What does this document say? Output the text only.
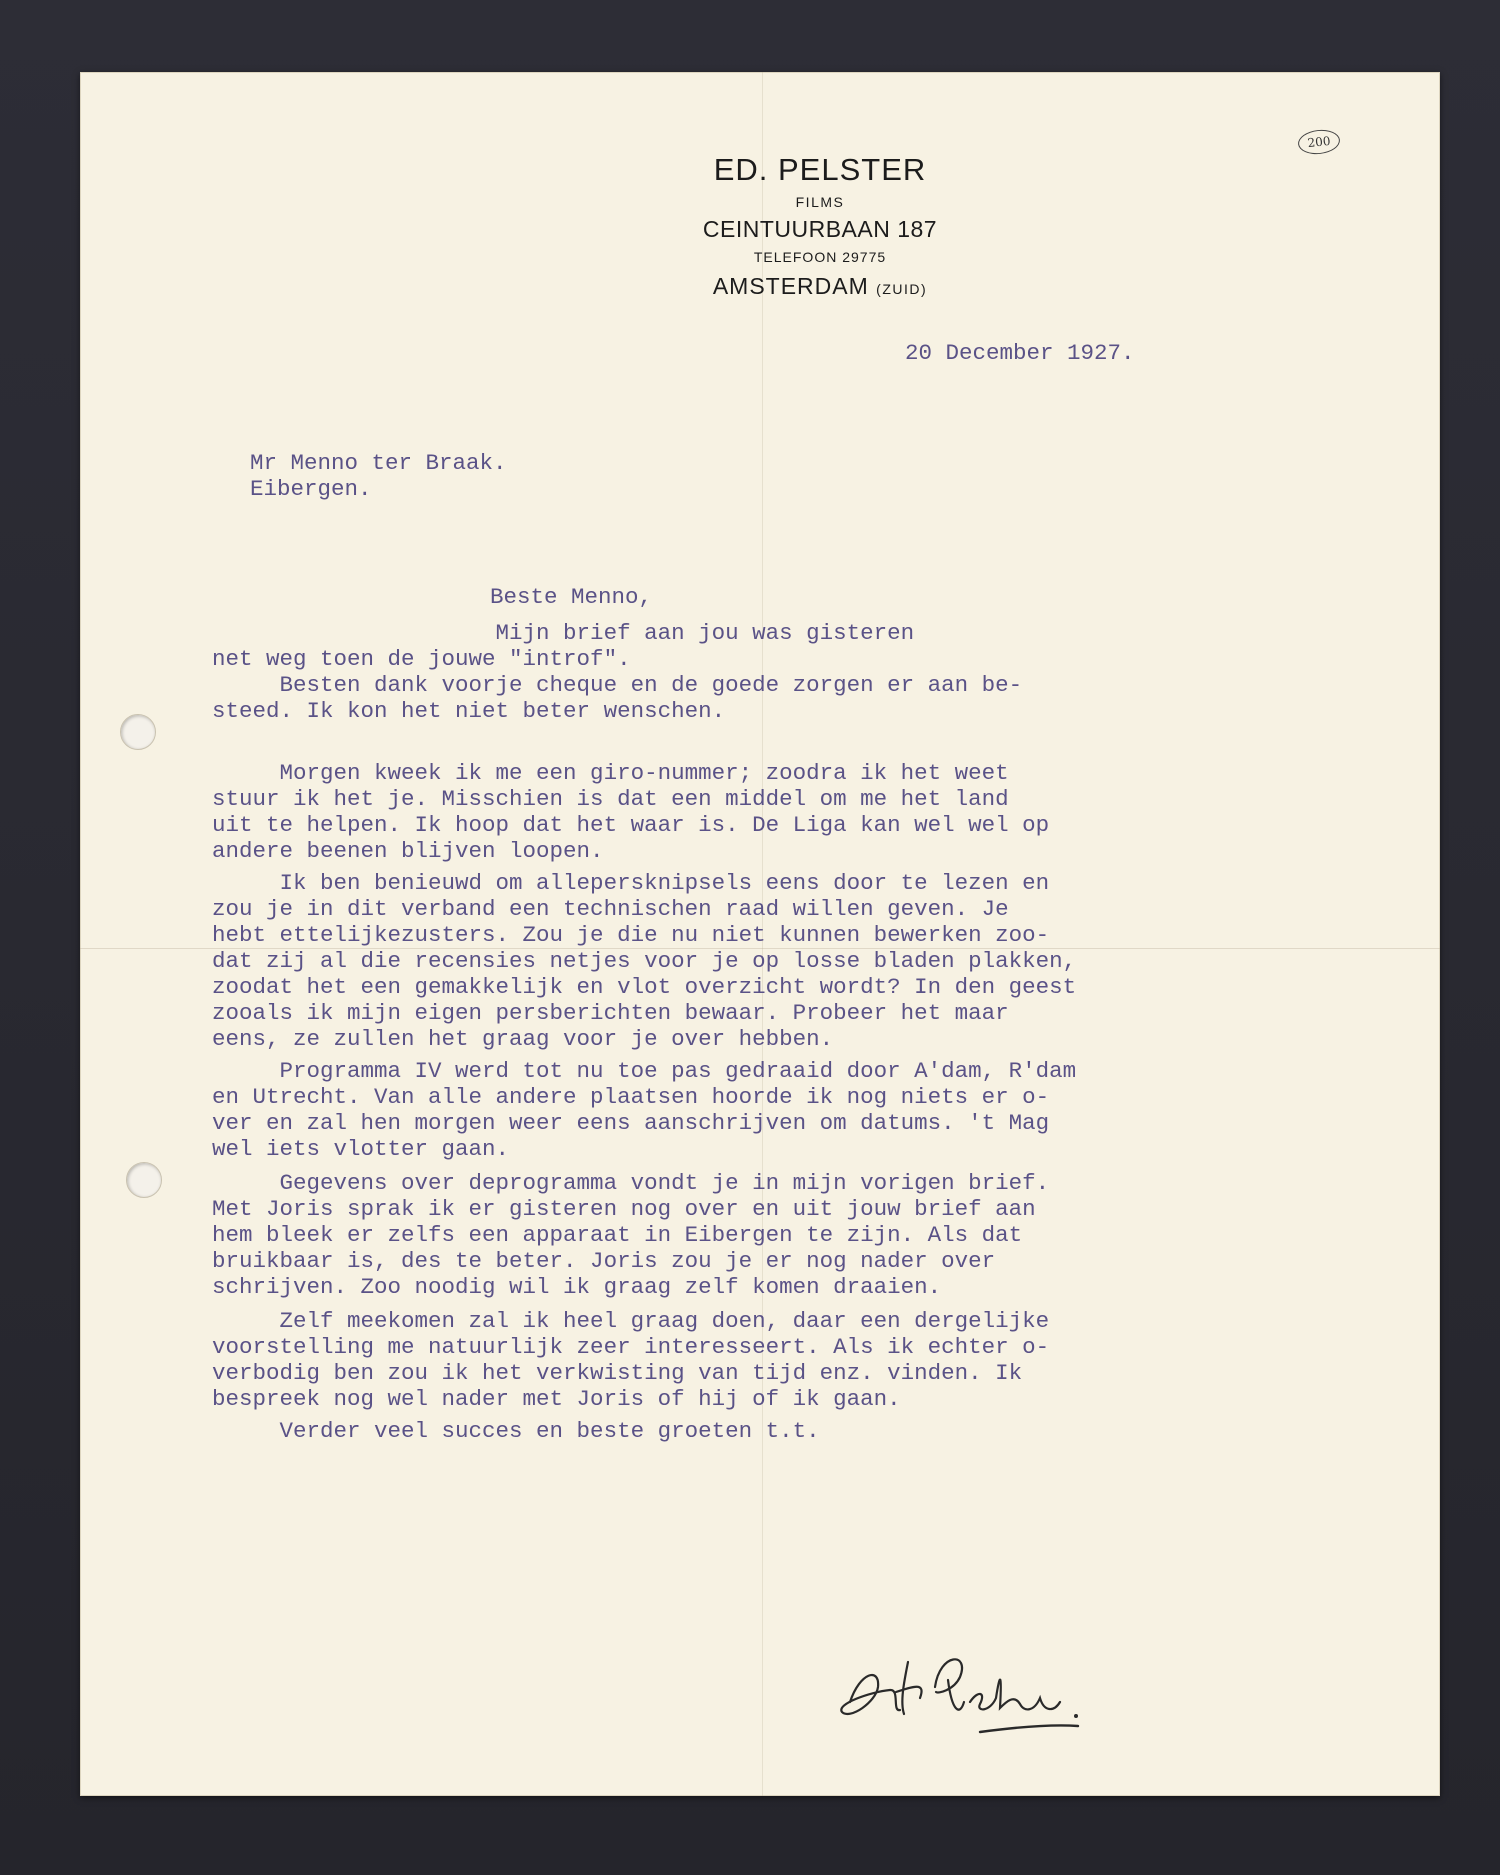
200
ED. PELSTER
FILMS
CEINTUURBAAN 187
TELEFOON 29775
AMSTERDAM (ZUID)
20 December 1927.
Mr Menno ter Braak.
Eibergen.
Beste Menno,
Mijn brief aan jou was gisteren
net weg toen de jouwe "introf".
Besten dank voorje cheque en de goede zorgen er aan be-
steed. Ik kon het niet beter wenschen.
Morgen kweek ik me een giro-nummer; zoodra ik het weet
stuur ik het je. Misschien is dat een middel om me het land
uit te helpen. Ik hoop dat het waar is. De Liga kan wel wel op
andere beenen blijven loopen.
Ik ben benieuwd om allepersknipsels eens door te lezen en
zou je in dit verband een technischen raad willen geven. Je
hebt ettelijkezusters. Zou je die nu niet kunnen bewerken zoo-
dat zij al die recensies netjes voor je op losse bladen plakken,
zoodat het een gemakkelijk en vlot overzicht wordt? In den geest
zooals ik mijn eigen persberichten bewaar. Probeer het maar
eens, ze zullen het graag voor je over hebben.
Programma IV werd tot nu toe pas gedraaid door A'dam, R'dam
en Utrecht. Van alle andere plaatsen hoorde ik nog niets er o-
ver en zal hen morgen weer eens aanschrijven om datums. 't Mag
wel iets vlotter gaan.
Gegevens over deprogramma vondt je in mijn vorigen brief.
Met Joris sprak ik er gisteren nog over en uit jouw brief aan
hem bleek er zelfs een apparaat in Eibergen te zijn. Als dat
bruikbaar is, des te beter. Joris zou je er nog nader over
schrijven. Zoo noodig wil ik graag zelf komen draaien.
Zelf meekomen zal ik heel graag doen, daar een dergelijke
voorstelling me natuurlijk zeer interesseert. Als ik echter o-
verbodig ben zou ik het verkwisting van tijd enz. vinden. Ik
bespreek nog wel nader met Joris of hij of ik gaan.
Verder veel succes en beste groeten t.t.
